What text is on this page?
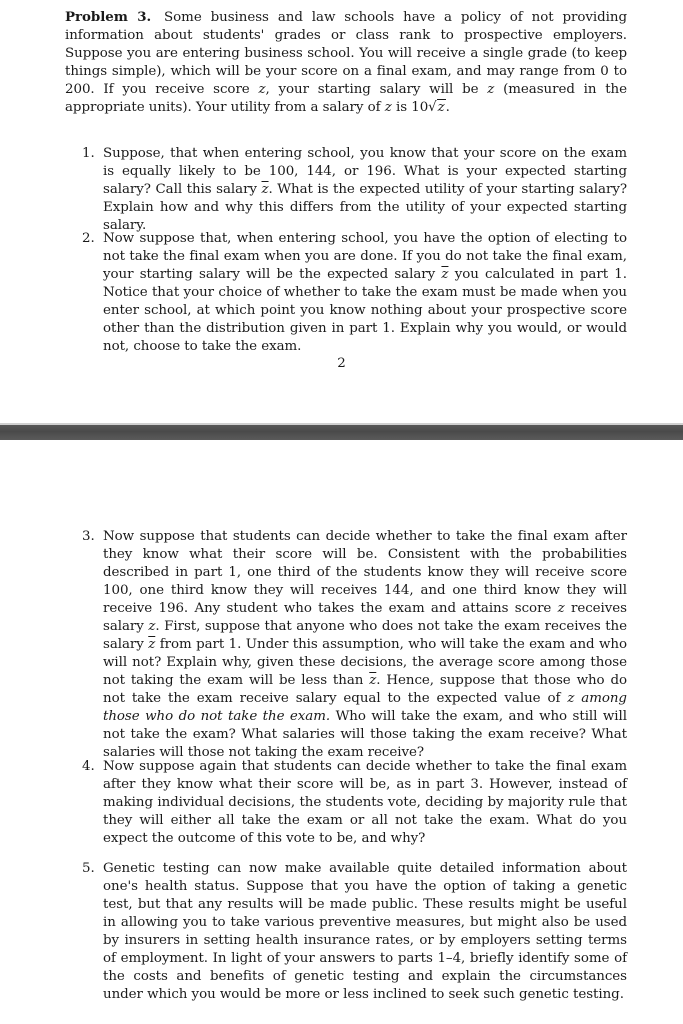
Problem 3. Some business and law schools have a policy of not providing information about students' grades or class rank to prospective employers. Suppose you are entering business school. You will receive a single grade (to keep things simple), which will be your score on a final exam, and may range from 0 to 200. If you receive score z, your starting salary will be z (measured in the appropriate units). Your utility from a salary of z is 10√z.
1. Suppose, that when entering school, you know that your score on the exam is equally likely to be 100, 144, or 196. What is your expected starting salary? Call this salary $\overline{z}$. What is the expected utility of your starting salary? Explain how and why this differs from the utility of your expected starting salary.
2. Now suppose that, when entering school, you have the option of electing to not take the final exam when you are done. If you do not take the final exam, your starting salary will be the expected salary $\overline{z}$ you calculated in part 1. Notice that your choice of whether to take the exam must be made when you enter school, at which point you know nothing about your prospective score other than the distribution given in part 1. Explain why you would, or would not, choose to take the exam.
2
3. Now suppose that students can decide whether to take the final exam after they know what their score will be. Consistent with the probabilities described in part 1, one third of the students know they will receive score 100, one third know they will receives 144, and one third know they will receive 196. Any student who takes the exam and attains score z receives salary z. First, suppose that anyone who does not take the exam receives the salary $\overline{z}$ from part 1. Under this assumption, who will take the exam and who will not? Explain why, given these decisions, the average score among those not taking the exam will be less than $\overline{z}$. Hence, suppose that those who do not take the exam receive salary equal to the expected value of z among those who do not take the exam. Who will take the exam, and who still will not take the exam? What salaries will those taking the exam receive? What salaries will those not taking the exam receive?
4. Now suppose again that students can decide whether to take the final exam after they know what their score will be, as in part 3. However, instead of making individual decisions, the students vote, deciding by majority rule that they will either all take the exam or all not take the exam. What do you expect the outcome of this vote to be, and why?
5. Genetic testing can now make available quite detailed information about one's health status. Suppose that you have the option of taking a genetic test, but that any results will be made public. These results might be useful in allowing you to take various preventive measures, but might also be used by insurers in setting health insurance rates, or by employers setting terms of employment. In light of your answers to parts 1–4, briefly identify some of the costs and benefits of genetic testing and explain the circumstances under which you would be more or less inclined to seek such genetic testing.
